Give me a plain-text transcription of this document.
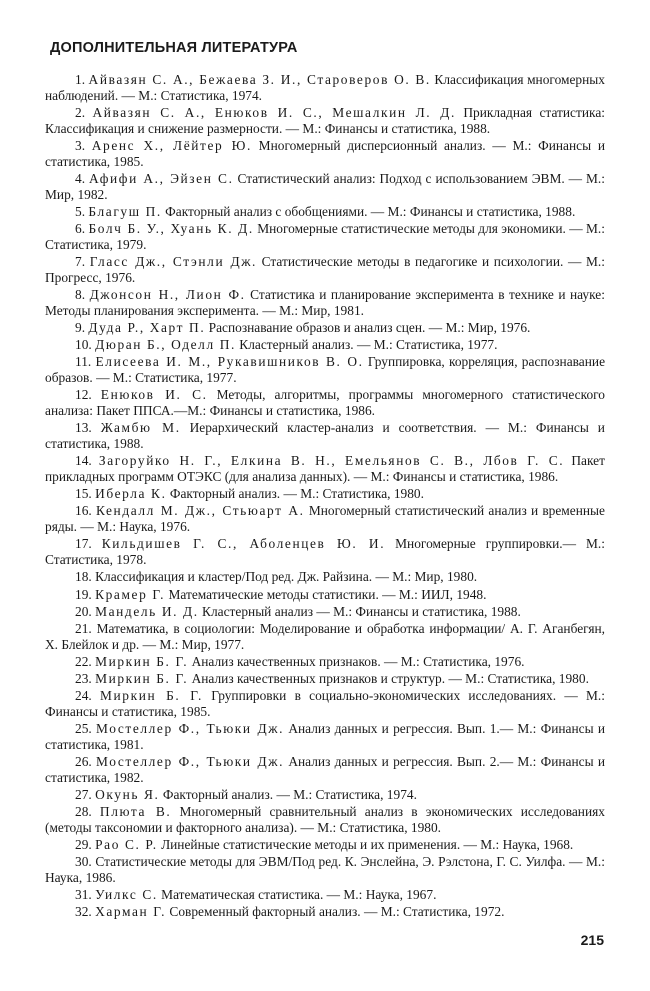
ДОПОЛНИТЕЛЬНАЯ ЛИТЕРАТУРА
1. Айвазян С. А., Бежаева З. И., Староверов О. В. Классификация многомерных наблюдений. — М.: Статистика, 1974.
2. Айвазян С. А., Енюков И. С., Мешалкин Л. Д. Прикладная статистика: Классификация и снижение размерности. — М.: Финансы и статистика, 1988.
3. Аренс Х., Лёйтер Ю. Многомерный дисперсионный анализ. — М.: Финансы и статистика, 1985.
4. Афифи А., Эйзен С. Статистический анализ: Подход с использованием ЭВМ. — М.: Мир, 1982.
5. Благуш П. Факторный анализ с обобщениями. — М.: Финансы и статистика, 1988.
6. Болч Б. У., Хуань К. Д. Многомерные статистические методы для экономики. — М.: Статистика, 1979.
7. Гласс Дж., Стэнли Дж. Статистические методы в педагогике и психологии. — М.: Прогресс, 1976.
8. Джонсон Н., Лион Ф. Статистика и планирование эксперимента в технике и науке: Методы планирования эксперимента. — М.: Мир, 1981.
9. Дуда Р., Харт П. Распознавание образов и анализ сцен. — М.: Мир, 1976.
10. Дюран Б., Оделл П. Кластерный анализ. — М.: Статистика, 1977.
11. Елисеева И. М., Рукавишников В. О. Группировка, корреляция, распознавание образов. — М.: Статистика, 1977.
12. Енюков И. С. Методы, алгоритмы, программы многомерного статистического анализа: Пакет ППСА.—М.: Финансы и статистика, 1986.
13. Жамбю М. Иерархический кластер-анализ и соответствия. — М.: Финансы и статистика, 1988.
14. Загоруйко Н. Г., Елкина В. Н., Емельянов С. В., Лбов Г. С. Пакет прикладных программ ОТЭКС (для анализа данных). — М.: Финансы и статистика, 1986.
15. Иберла К. Факторный анализ. — М.: Статистика, 1980.
16. Кендалл М. Дж., Стьюарт А. Многомерный статистический анализ и временные ряды. — М.: Наука, 1976.
17. Кильдишев Г. С., Аболенцев Ю. И. Многомерные группировки.— М.: Статистика, 1978.
18. Классификация и кластер/Под ред. Дж. Райзина. — М.: Мир, 1980.
19. Крамер Г. Математические методы статистики. — М.: ИИЛ, 1948.
20. Мандель И. Д. Кластерный анализ — М.: Финансы и статистика, 1988.
21. Математика, в социологии: Моделирование и обработка информации/ А. Г. Аганбегян, Х. Блейлок и др. — М.: Мир, 1977.
22. Миркин Б. Г. Анализ качественных признаков. — М.: Статистика, 1976.
23. Миркин Б. Г. Анализ качественных признаков и структур. — М.: Статистика, 1980.
24. Миркин Б. Г. Группировки в социально-экономических исследованиях. — М.: Финансы и статистика, 1985.
25. Мостеллер Ф., Тьюки Дж. Анализ данных и регрессия. Вып. 1.— М.: Финансы и статистика, 1981.
26. Мостеллер Ф., Тьюки Дж. Анализ данных и регрессия. Вып. 2.— М.: Финансы и статистика, 1982.
27. Окунь Я. Факторный анализ. — М.: Статистика, 1974.
28. Плюта В. Многомерный сравнительный анализ в экономических исследованиях (методы таксономии и факторного анализа). — М.: Статистика, 1980.
29. Рао С. Р. Линейные статистические методы и их применения. — М.: Наука, 1968.
30. Статистические методы для ЭВМ/Под ред. К. Энслейна, Э. Рэлстона, Г. С. Уилфа. — М.: Наука, 1986.
31. Уилкс С. Математическая статистика. — М.: Наука, 1967.
32. Харман Г. Современный факторный анализ. — М.: Статистика, 1972.
215
